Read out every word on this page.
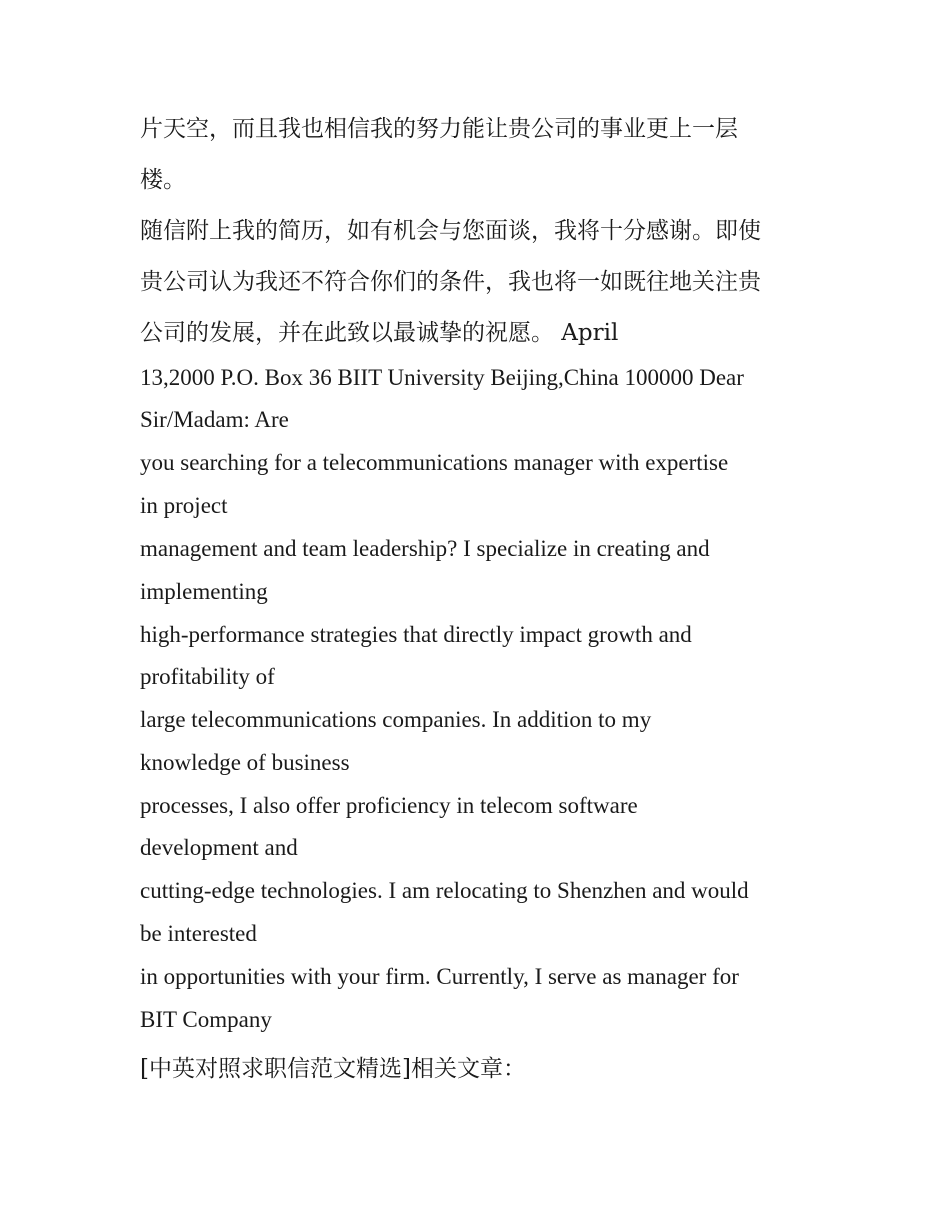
片天空，而且我也相信我的努力能让贵公司的事业更上一层
楼。
随信附上我的简历，如有机会与您面谈，我将十分感谢。即使
贵公司认为我还不符合你们的条件，我也将一如既往地关注贵
公司的发展，并在此致以最诚挚的祝愿。 April
13,2000 P.O. Box 36 BIIT University Beijing,China 100000 Dear
Sir/Madam: Are
you searching for a telecommunications manager with expertise
in project
management and team leadership? I specialize in creating and
implementing
high-performance strategies that directly impact growth and
profitability of
large telecommunications companies. In addition to my
knowledge of business
processes, I also offer proficiency in telecom software
development and
cutting-edge technologies. I am relocating to Shenzhen and would
be interested
in opportunities with your firm. Currently, I serve as manager for
BIT Company
[中英对照求职信范文精选]相关文章：
